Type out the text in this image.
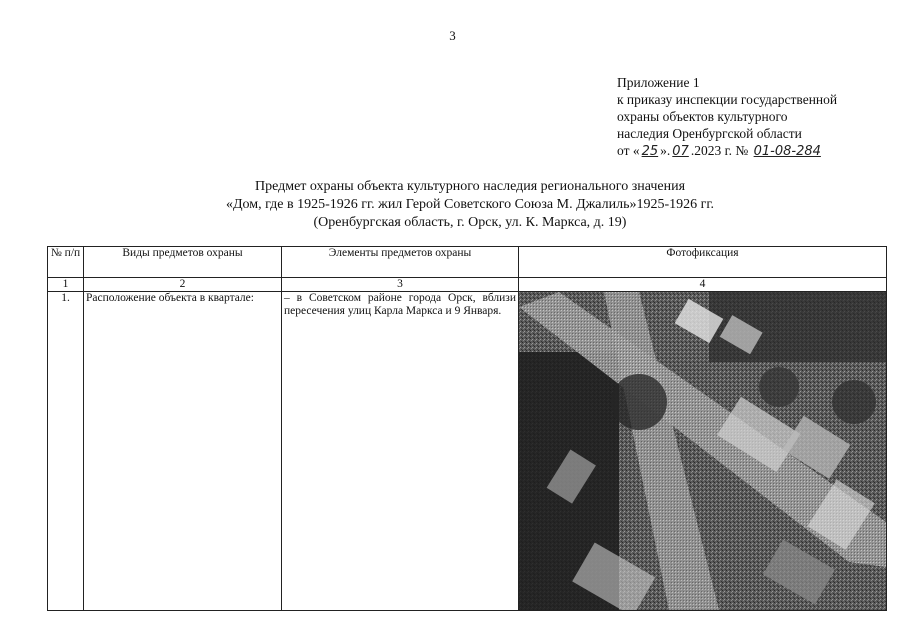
3
Приложение 1
к приказу инспекции государственной
охраны объектов культурного
наследия Оренбургской области
от « 25 ». 07 .2023 г. № 01-08-284
Предмет охраны объекта культурного наследия регионального значения
«Дом, где в 1925-1926 гг. жил Герой Советского Союза М. Джалиль»1925-1926 гг.
(Оренбургская область, г. Орск, ул. К. Маркса, д. 19)
№ п/п	Виды предметов охраны	Элементы предметов охраны	Фотофиксация
1	2	3	4
1.	Расположение объекта в квартале:	– в Советском районе города Орск, вблизи пересечения улиц Карла Маркса и 9 Января.	
